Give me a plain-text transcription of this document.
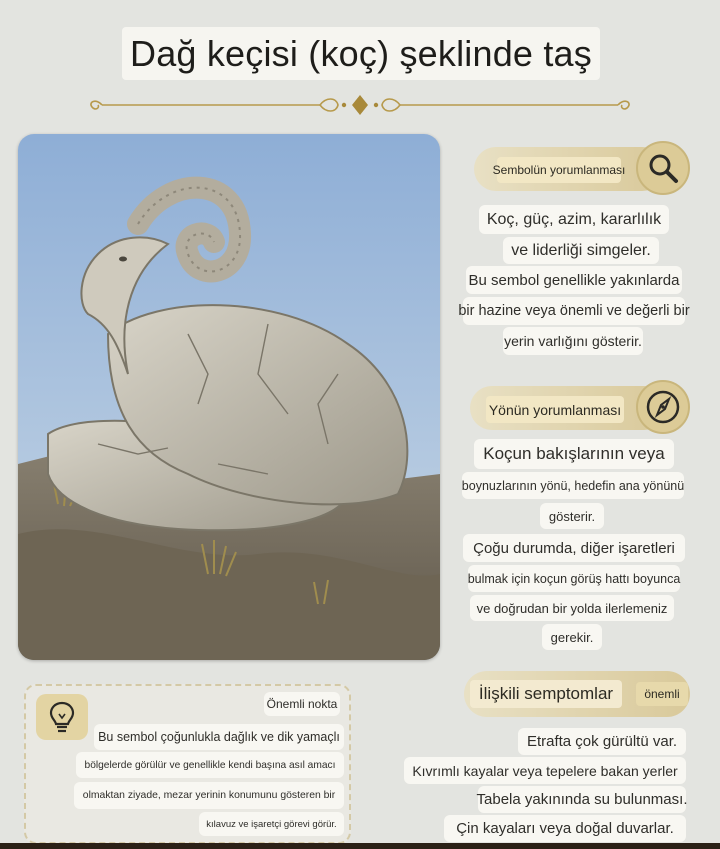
Dağ keçisi (koç) şeklinde taş
Sembolün yorumlanması
Koç, güç, azim, kararlılık
ve liderliği simgeler.
Bu sembol genellikle yakınlarda
bir hazine veya önemli ve değerli bir
yerin varlığını gösterir.
Yönün yorumlanması
Koçun bakışlarının veya
boynuzlarının yönü, hedefin ana yönünü
gösterir.
Çoğu durumda, diğer işaretleri
bulmak için koçun görüş hattı boyunca
ve doğrudan bir yolda ilerlemeniz
gerekir.
Önemli nokta
Bu sembol çoğunlukla dağlık ve dik yamaçlı
bölgelerde görülür ve genellikle kendi başına asıl amacı
olmaktan ziyade, mezar yerinin konumunu gösteren bir
kılavuz ve işaretçi görevi görür.
İlişkili semptomlar	önemli
Etrafta çok gürültü var.
Kıvrımlı kayalar veya tepelere bakan yerler
Tabela yakınında su bulunması.
Çin kayaları veya doğal duvarlar.
